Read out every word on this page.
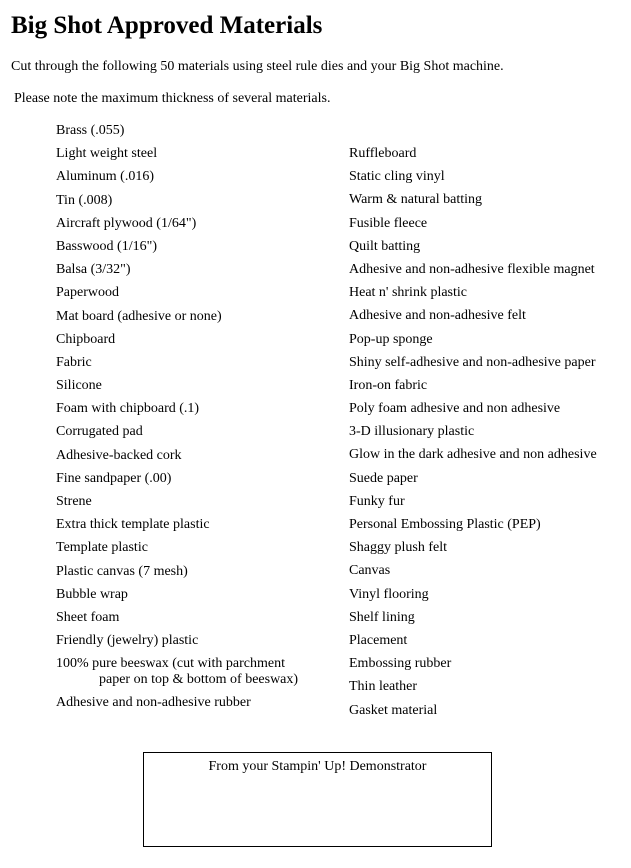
Big Shot Approved Materials
Cut through the following 50 materials using steel rule dies and your Big Shot machine.
Please note the maximum thickness of several materials.
Brass (.055)
Light weight steel
Aluminum (.016)
Tin (.008)
Aircraft plywood (1/64")
Basswood (1/16")
Balsa (3/32")
Paperwood
Mat board (adhesive or none)
Chipboard
Fabric
Silicone
Foam with chipboard (.1)
Corrugated pad
Adhesive-backed cork
Fine sandpaper (.00)
Strene
Extra thick template plastic
Template plastic
Plastic canvas (7 mesh)
Bubble wrap
Sheet foam
Friendly (jewelry) plastic
100% pure beeswax (cut with parchment
paper on top & bottom of beeswax)
Adhesive and non-adhesive rubber
Ruffleboard
Static cling vinyl
Warm & natural batting
Fusible fleece
Quilt batting
Adhesive and non-adhesive flexible magnet
Heat n' shrink plastic
Adhesive and non-adhesive felt
Pop-up sponge
Shiny self-adhesive and non-adhesive paper
Iron-on fabric
Poly foam adhesive and non adhesive
3-D illusionary plastic
Glow in the dark adhesive and non adhesive
Suede paper
Funky fur
Personal Embossing Plastic (PEP)
Shaggy plush felt
Canvas
Vinyl flooring
Shelf lining
Placement
Embossing rubber
Thin leather
Gasket material
From your Stampin' Up! Demonstrator
